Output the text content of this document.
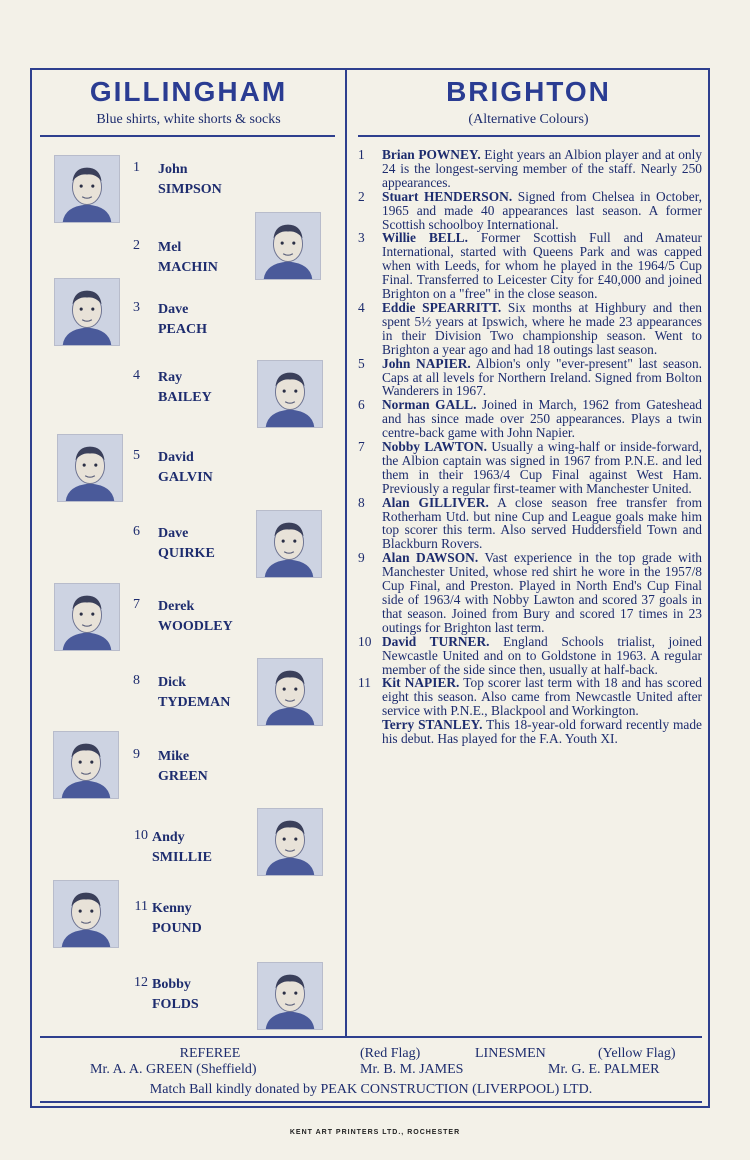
GILLINGHAM
Blue shirts, white shorts & socks
BRIGHTON
(Alternative Colours)
1 John
SIMPSON
2 Mel
MACHIN
3 Dave
PEACH
4 Ray
BAILEY
5 David
GALVIN
6 Dave
QUIRKE
7 Derek
WOODLEY
8 Dick
TYDEMAN
9 Mike
GREEN
10 Andy
SMILLIE
11 Kenny
POUND
12 Bobby
FOLDS
1	Brian POWNEY. Eight years an Albion player and at only 24 is the longest-serving member of the staff. Nearly 250 appearances.
2	Stuart HENDERSON. Signed from Chelsea in October, 1965 and made 40 appearances last season. A former Scottish schoolboy International.
3	Willie BELL. Former Scottish Full and Amateur International, started with Queens Park and was capped when with Leeds, for whom he played in the 1964/5 Cup Final. Transferred to Leicester City for £40,000 and joined Brighton on a "free" in the close season.
4	Eddie SPEARRITT. Six months at Highbury and then spent 5½ years at Ipswich, where he made 23 appearances in their Division Two championship season. Went to Brighton a year ago and had 18 outings last season.
5	John NAPIER. Albion's only "ever-present" last season. Caps at all levels for Northern Ireland. Signed from Bolton Wanderers in 1967.
6	Norman GALL. Joined in March, 1962 from Gateshead and has since made over 250 appearances. Plays a twin centre-back game with John Napier.
7	Nobby LAWTON. Usually a wing-half or inside-forward, the Albion captain was signed in 1967 from P.N.E. and led them in their 1963/4 Cup Final against West Ham. Previously a regular first-teamer with Manchester United.
8	Alan GILLIVER. A close season free transfer from Rotherham Utd. but nine Cup and League goals make him top scorer this term. Also served Huddersfield Town and Blackburn Rovers.
9	Alan DAWSON. Vast experience in the top grade with Manchester United, whose red shirt he wore in the 1957/8 Cup Final, and Preston. Played in North End's Cup Final side of 1963/4 with Nobby Lawton and scored 37 goals in that season. Joined from Bury and scored 17 times in 23 outings for Brighton last term.
10 David TURNER. England Schools trialist, joined Newcastle United and on to Goldstone in 1963. A regular member of the side since then, usually at half-back.
11 Kit NAPIER. Top scorer last term with 18 and has scored eight this season. Also came from Newcastle United after service with P.N.E., Blackpool and Workington.
Terry STANLEY. This 18-year-old forward recently made his debut. Has played for the F.A. Youth XI.
REFEREE
Mr. A. A. GREEN (Sheffield)
(Red Flag)	LINESMEN	(Yellow Flag)
Mr. B. M. JAMES	Mr. G. E. PALMER
Match Ball kindly donated by PEAK CONSTRUCTION (LIVERPOOL) LTD.
KENT ART PRINTERS LTD., ROCHESTER
